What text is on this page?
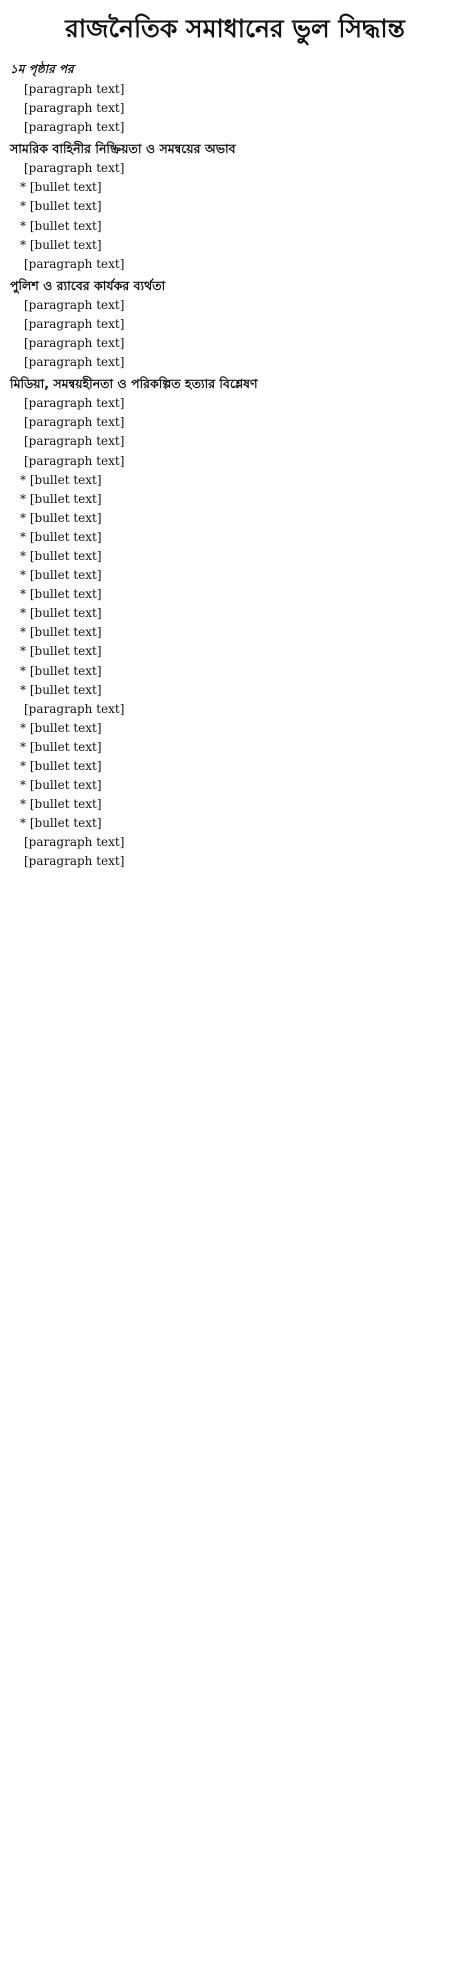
রাজনৈতিক সমাধানের ভুল সিদ্ধান্ত
১ম পৃষ্ঠার পর

[paragraph text]

[paragraph text]

[paragraph text]

সামরিক বাহিনীর নিষ্ক্রিয়তা ও সমন্বয়ের অভাব

[paragraph text]

* [bullet text]

* [bullet text]

* [bullet text]

* [bullet text]

[paragraph text]

পুলিশ ও র‍্যাবের কার্যকর ব্যর্থতা

[paragraph text]

[paragraph text]

[paragraph text]

[paragraph text]

মিডিয়া, সমন্বয়হীনতা ও পরিকল্পিত হত্যার বিশ্লেষণ

[paragraph text]

[paragraph text]

[paragraph text]

[paragraph text]

* [bullet text]

* [bullet text]

* [bullet text]

* [bullet text]

* [bullet text]

* [bullet text]

* [bullet text]

* [bullet text]

* [bullet text]

* [bullet text]

* [bullet text]

* [bullet text]

[paragraph text]

* [bullet text]

* [bullet text]

* [bullet text]

* [bullet text]

* [bullet text]

* [bullet text]

[paragraph text]

[paragraph text]
